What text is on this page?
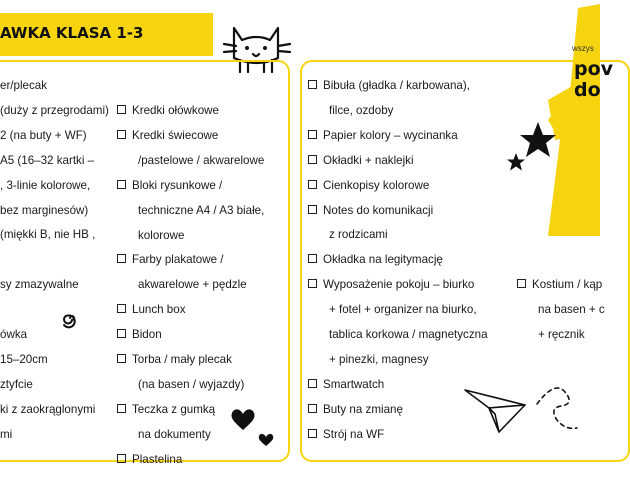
AWKA KLASA 1-3
wszys
pov
do
er/plecak
(duży z przegrodami)
2 (na buty + WF)
A5 (16–32 kartki –
, 3-linie kolorowe,
bez marginesów)
(miękki B, nie HB ,
sy zmazywalne
ówka
15–20cm
ztyfcie
ki z zaokrąglonymi
mi
Kredki ołówkowe
Kredki świecowe
/pastelowe / akwarelowe
Bloki rysunkowe /
techniczne A4 / A3 białe,
kolorowe
Farby plakatowe /
akwarelowe + pędzle
Lunch box
Bidon
Torba / mały plecak
(na basen / wyjazdy)
Teczka z gumką
na dokumenty
Plastelina
Bibuła (gładka / karbowana),
filce, ozdoby
Papier kolory – wycinanka
Okładki + naklejki
Cienkopisy kolorowe
Notes do komunikacji
z rodzicami
Okładka na legitymację
Wyposażenie pokoju – biurko
+ fotel + organizer na biurko,
tablica korkowa / magnetyczna
+ pinezki, magnesy
Smartwatch
Buty na zmianę
Strój na WF
Kostium / kąp
na basen + c
+ ręcznik
